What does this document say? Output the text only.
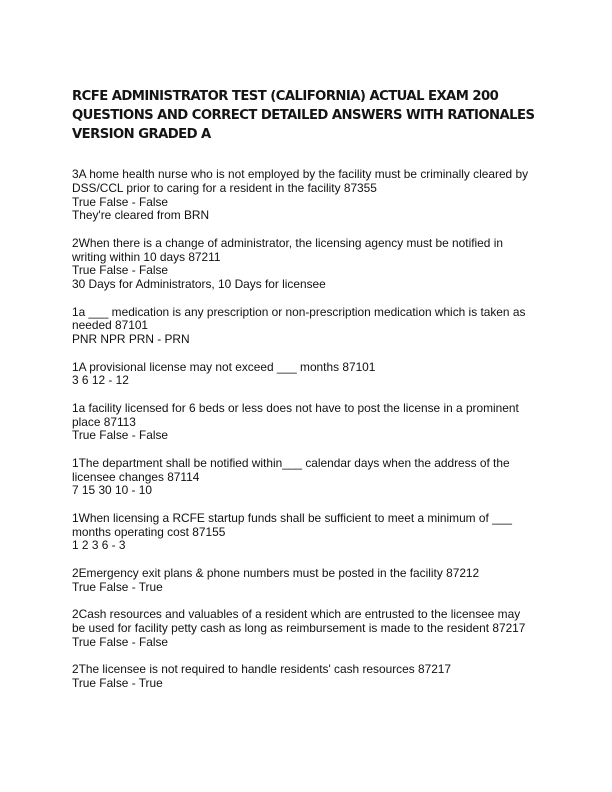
RCFE ADMINISTRATOR TEST (CALIFORNIA) ACTUAL EXAM 200
QUESTIONS AND CORRECT DETAILED ANSWERS WITH RATIONALES
VERSION GRADED A
3A home health nurse who is not employed by the facility must be criminally cleared by
DSS/CCL prior to caring for a resident in the facility 87355
True False - False
They're cleared from BRN
2When there is a change of administrator, the licensing agency must be notified in
writing within 10 days 87211
True False - False
30 Days for Administrators, 10 Days for licensee
1a ___ medication is any prescription or non-prescription medication which is taken as
needed 87101
PNR NPR PRN - PRN
1A provisional license may not exceed ___ months 87101
3 6 12 - 12
1a facility licensed for 6 beds or less does not have to post the license in a prominent
place 87113
True False - False
1The department shall be notified within___ calendar days when the address of the
licensee changes 87114
7 15 30 10 - 10
1When licensing a RCFE startup funds shall be sufficient to meet a minimum of ___
months operating cost 87155
1 2 3 6 - 3
2Emergency exit plans & phone numbers must be posted in the facility 87212
True False - True
2Cash resources and valuables of a resident which are entrusted to the licensee may
be used for facility petty cash as long as reimbursement is made to the resident 87217
True False - False
2The licensee is not required to handle residents' cash resources 87217
True False - True
